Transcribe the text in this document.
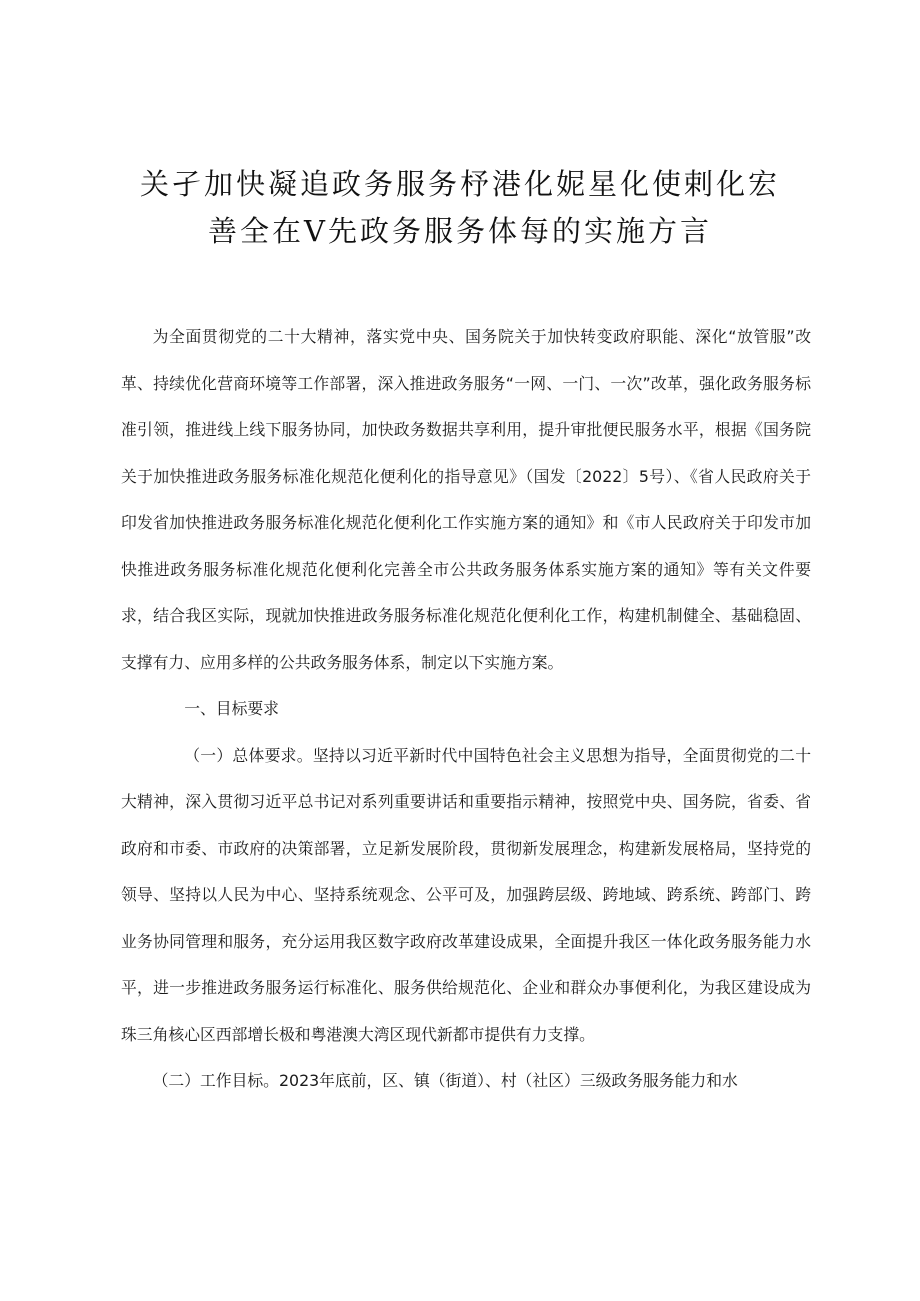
关孑加快凝追政务服务杼港化妮星化使剌化宏
善全在V先政务服务体每的实施方言

为全面贯彻党的二十大精神，落实党中央、国务院关于加快转变政府职能、深化“放管服”改革、持续优化营商环境等工作部署，深入推进政务服务“一网、一门、一次”改革，强化政务服务标准引领，推进线上线下服务协同，加快政务数据共享利用，提升审批便民服务水平，根据《国务院关于加快推进政务服务标准化规范化便利化的指导意见》（国发〔2022〕5号）、《省人民政府关于印发省加快推进政务服务标准化规范化便利化工作实施方案的通知》和《市人民政府关于印发市加快推进政务服务标准化规范化便利化完善全市公共政务服务体系实施方案的通知》等有关文件要求，结合我区实际，现就加快推进政务服务标准化规范化便利化工作，构建机制健全、基础稳固、支撑有力、应用多样的公共政务服务体系，制定以下实施方案。

一、目标要求

（一）总体要求。坚持以习近平新时代中国特色社会主义思想为指导，全面贯彻党的二十大精神，深入贯彻习近平总书记对系列重要讲话和重要指示精神，按照党中央、国务院，省委、省政府和市委、市政府的决策部署，立足新发展阶段，贯彻新发展理念，构建新发展格局，坚持党的领导、坚持以人民为中心、坚持系统观念、公平可及，加强跨层级、跨地域、跨系统、跨部门、跨业务协同管理和服务，充分运用我区数字政府改革建设成果，全面提升我区一体化政务服务能力水平，进一步推进政务服务运行标准化、服务供给规范化、企业和群众办事便利化，为我区建设成为珠三角核心区西部增长极和粤港澳大湾区现代新都市提供有力支撑。

（二）工作目标。2023年底前，区、镇（街道）、村（社区）三级政务服务能力和水
